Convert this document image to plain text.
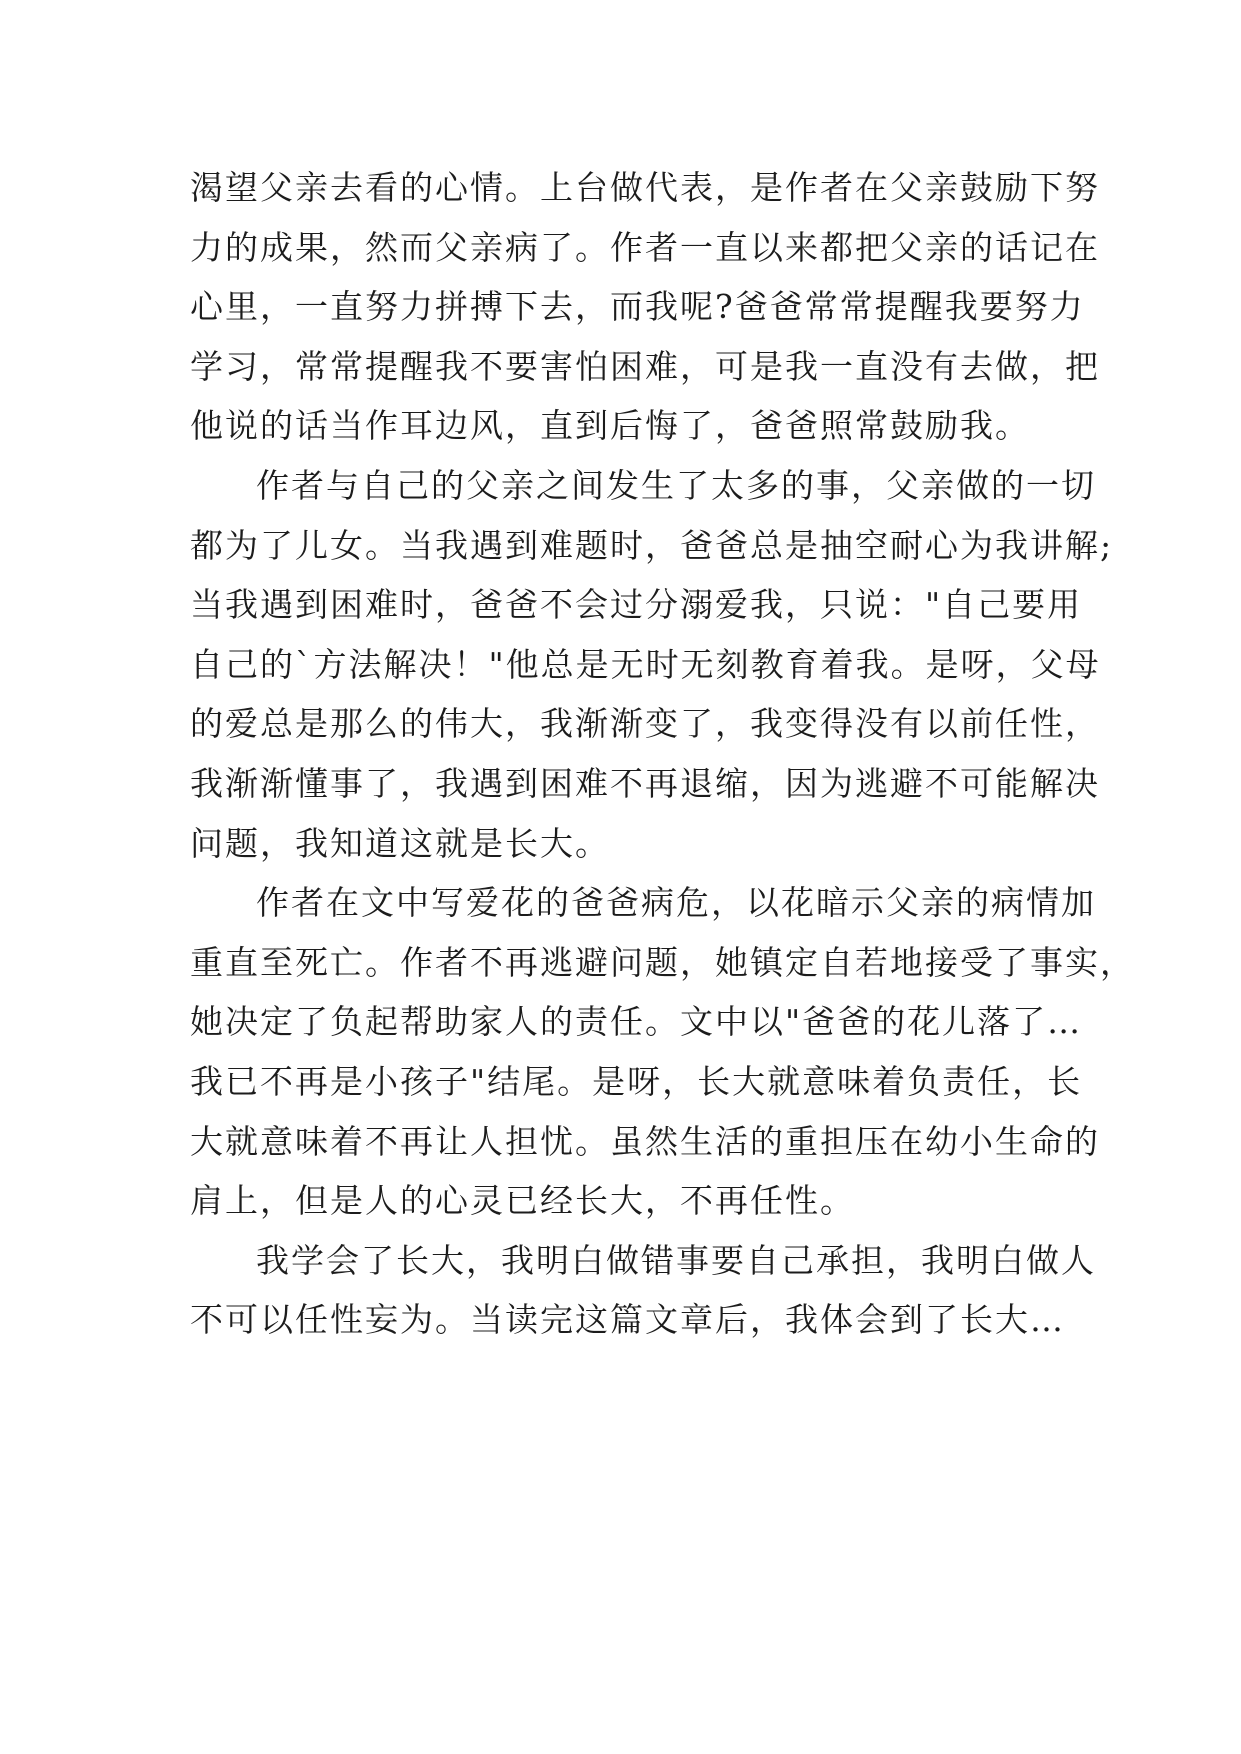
渴望父亲去看的心情。上台做代表，是作者在父亲鼓励下努
力的成果，然而父亲病了。作者一直以来都把父亲的话记在
心里，一直努力拼搏下去，而我呢?爸爸常常提醒我要努力
学习，常常提醒我不要害怕困难，可是我一直没有去做，把
他说的话当作耳边风，直到后悔了，爸爸照常鼓励我。
作者与自己的父亲之间发生了太多的事，父亲做的一切
都为了儿女。当我遇到难题时，爸爸总是抽空耐心为我讲解;
当我遇到困难时，爸爸不会过分溺爱我，只说："自己要用
自己的`方法解决！"他总是无时无刻教育着我。是呀，父母
的爱总是那么的伟大，我渐渐变了，我变得没有以前任性，
我渐渐懂事了，我遇到困难不再退缩，因为逃避不可能解决
问题，我知道这就是长大。
作者在文中写爱花的爸爸病危，以花暗示父亲的病情加
重直至死亡。作者不再逃避问题，她镇定自若地接受了事实，
她决定了负起帮助家人的责任。文中以"爸爸的花儿落了…
我已不再是小孩子"结尾。是呀，长大就意味着负责任，长
大就意味着不再让人担忧。虽然生活的重担压在幼小生命的
肩上，但是人的心灵已经长大，不再任性。
我学会了长大，我明白做错事要自己承担，我明白做人
不可以任性妄为。当读完这篇文章后，我体会到了长大…
